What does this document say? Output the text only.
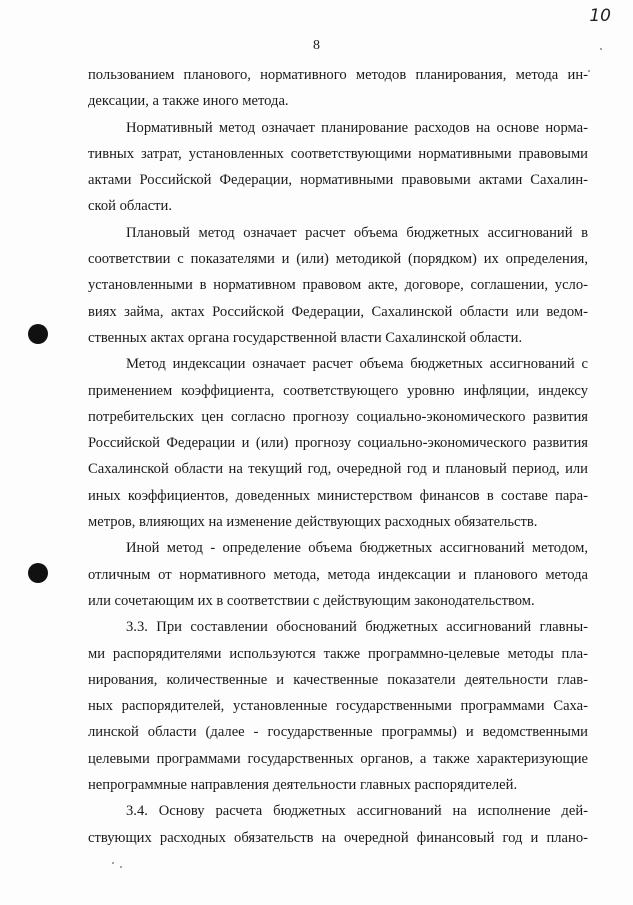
10
8
пользованием планового, нормативного методов планирования, метода ин-
дексации, а также иного метода.
Нормативный метод означает планирование расходов на основе норма-
тивных затрат, установленных соответствующими нормативными правовыми
актами Российской Федерации, нормативными правовыми актами Сахалин-
ской области.
Плановый метод означает расчет объема бюджетных ассигнований в
соответствии с показателями и (или) методикой (порядком) их определения,
установленными в нормативном правовом акте, договоре, соглашении, усло-
виях займа, актах Российской Федерации, Сахалинской области или ведом-
ственных актах органа государственной власти Сахалинской области.
Метод индексации означает расчет объема бюджетных ассигнований с
применением коэффициента, соответствующего уровню инфляции, индексу
потребительских цен согласно прогнозу социально-экономического развития
Российской Федерации и (или) прогнозу социально-экономического развития
Сахалинской области на текущий год, очередной год и плановый период, или
иных коэффициентов, доведенных министерством финансов в составе пара-
метров, влияющих на изменение действующих расходных обязательств.
Иной метод - определение объема бюджетных ассигнований методом,
отличным от нормативного метода, метода индексации и планового метода
или сочетающим их в соответствии с действующим законодательством.
3.3. При составлении обоснований бюджетных ассигнований главны-
ми распорядителями используются также программно-целевые методы пла-
нирования, количественные и качественные показатели деятельности глав-
ных распорядителей, установленные государственными программами Саха-
линской области (далее - государственные программы) и ведомственными
целевыми программами государственных органов, а также характеризующие
непрограммные направления деятельности главных распорядителей.
3.4. Основу расчета бюджетных ассигнований на исполнение дей-
ствующих расходных обязательств на очередной финансовый год и плано-
